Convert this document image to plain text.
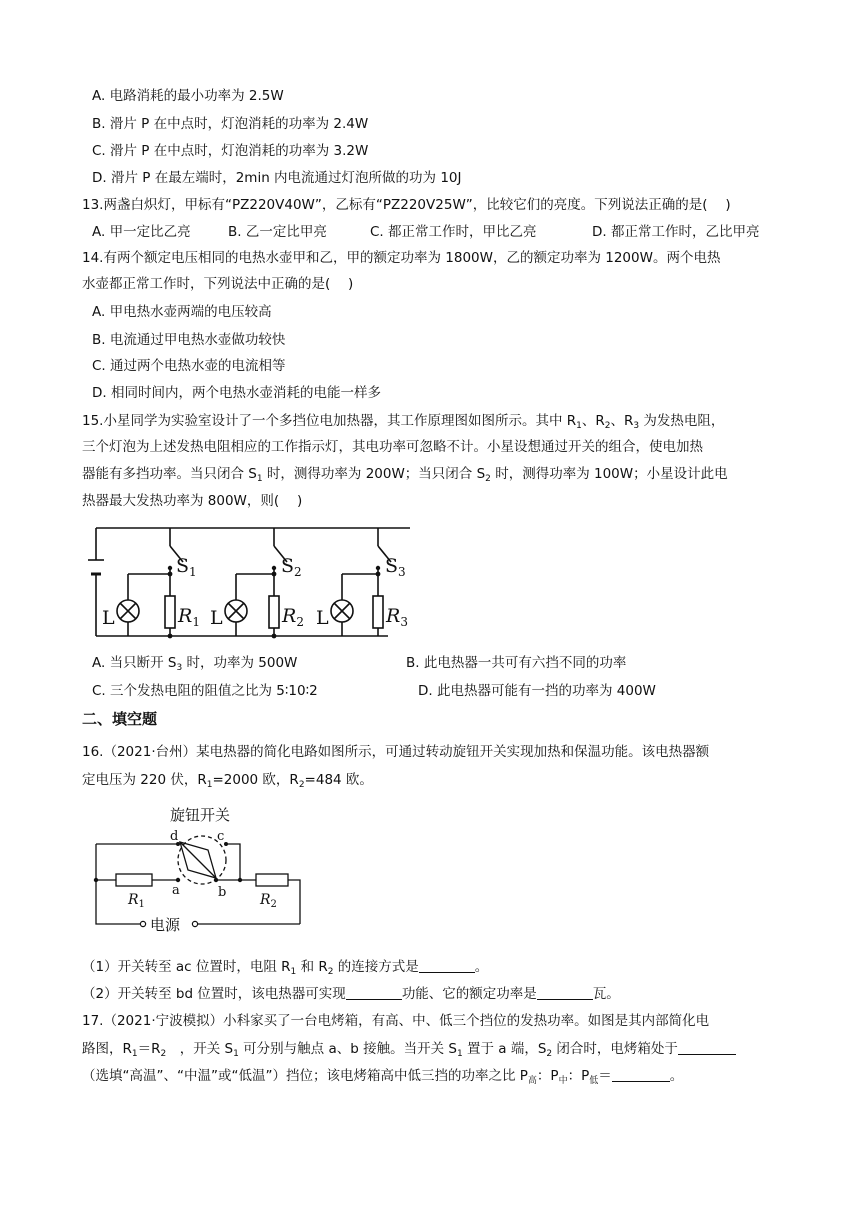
A. 电路消耗的最小功率为 2.5W
B. 滑片 P 在中点时，灯泡消耗的功率为 2.4W
C. 滑片 P 在中点时，灯泡消耗的功率为 3.2W
D. 滑片 P 在最左端时，2min 内电流通过灯泡所做的功为 10J
13.两盏白炽灯，甲标有“PZ220V40W”，乙标有“PZ220V25W”，比较它们的亮度。下列说法正确的是(　 )
A. 甲一定比乙亮	B. 乙一定比甲亮	C. 都正常工作时，甲比乙亮	D. 都正常工作时，乙比甲亮
14.有两个额定电压相同的电热水壶甲和乙，甲的额定功率为 1800W，乙的额定功率为 1200W。两个电热
水壶都正常工作时，下列说法中正确的是(　 )
A. 甲电热水壶两端的电压较高
B. 电流通过甲电热水壶做功较快
C. 通过两个电热水壶的电流相等
D. 相同时间内，两个电热水壶消耗的电能一样多
15.小星同学为实验室设计了一个多挡位电加热器，其工作原理图如图所示。其中 $R_1$、$R_2$、$R_3$ 为发热电阻，
三个灯泡为上述发热电阻相应的工作指示灯，其电功率可忽略不计。小星设想通过开关的组合，使电加热
器能有多挡功率。当只闭合 $S_1$ 时，测得功率为 200W；当只闭合 $S_2$ 时，测得功率为 100W；小星设计此电
热器最大发热功率为 800W，则(　 )
$S_1$	$S_2$	$S_3$
L	L	L
$R_1$	$R_2$	$R_3$
A. 当只断开 $S_3$ 时，功率为 500W	B. 此电热器一共可有六挡不同的功率
C. 三个发热电阻的阻值之比为 5∶10∶2	D. 此电热器可能有一挡的功率为 400W
二、填空题
16.（2021·台州）某电热器的简化电路如图所示，可通过转动旋钮开关实现加热和保温功能。该电热器额
定电压为 220 伏，$R_1=2000$ 欧，$R_2=484$ 欧。
旋钮开关
d	c
a	b
$R_1$	$R_2$
电源
（1）开关转至 ac 位置时，电阻 $R_1$ 和 $R_2$ 的连接方式是	。
（2）开关转至 bd 位置时，该电热器可实现	功能、它的额定功率是	瓦。
17.（2021·宁波模拟）小科家买了一台电烤箱，有高、中、低三个挡位的发热功率。如图是其内部简化电
路图，$R_1=R_2$　，开关 $S_1$ 可分别与触点 a、b 接触。当开关 $S_1$ 置于 a 端，$S_2$ 闭合时，电烤箱处于
（选填“高温”、“中温”或“低温”）挡位；该电烤箱高中低三挡的功率之比 $P_高$：$P_中$：$P_低=$	。
